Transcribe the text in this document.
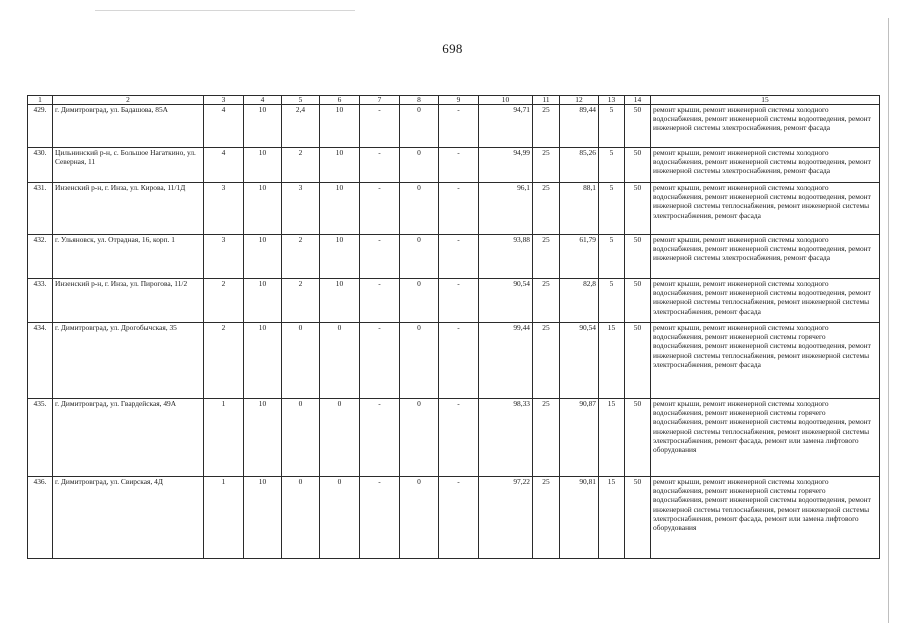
698
1	2	3	4	5	6	7	8	9	10	11	12	13	14	15
429.	г. Димитровград, ул. Бадашова, 85А	4	10	2,4	10	-	0	-	94,71	25	89,44	5	50	ремонт крыши, ремонт инженерной системы холодного водоснабжения, ремонт инженерной системы водоотведения, ремонт инженерной системы электроснабжения, ремонт фасада
430.	Цильнинский р-н, с. Большое Нагаткино, ул. Северная, 11	4	10	2	10	-	0	-	94,99	25	85,26	5	50	ремонт крыши, ремонт инженерной системы холодного водоснабжения, ремонт инженерной системы водоотведения, ремонт инженерной системы электроснабжения, ремонт фасада
431.	Инзенский р-н, г. Инза, ул. Кирова, 11/1Д	3	10	3	10	-	0	-	96,1	25	88,1	5	50	ремонт крыши, ремонт инженерной системы холодного водоснабжения, ремонт инженерной системы водоотведения, ремонт инженерной системы теплоснабжения, ремонт инженерной системы электроснабжения, ремонт фасада
432.	г. Ульяновск, ул. Отрадная, 16, корп. 1	3	10	2	10	-	0	-	93,88	25	61,79	5	50	ремонт крыши, ремонт инженерной системы холодного водоснабжения, ремонт инженерной системы водоотведения, ремонт инженерной системы электроснабжения, ремонт фасада
433.	Инзенский р-н, г. Инза, ул. Пирогова, 11/2	2	10	2	10	-	0	-	90,54	25	82,8	5	50	ремонт крыши, ремонт инженерной системы холодного водоснабжения, ремонт инженерной системы водоотведения, ремонт инженерной системы теплоснабжения, ремонт инженерной системы электроснабжения, ремонт фасада
434.	г. Димитровград, ул. Дрогобычская, 35	2	10	0	0	-	0	-	99,44	25	90,54	15	50	ремонт крыши, ремонт инженерной системы холодного водоснабжения, ремонт инженерной системы горячего водоснабжения, ремонт инженерной системы водоотведения, ремонт инженерной системы теплоснабжения, ремонт инженерной системы электроснабжения, ремонт фасада
435.	г. Димитровград, ул. Гвардейская, 49А	1	10	0	0	-	0	-	98,33	25	90,87	15	50	ремонт крыши, ремонт инженерной системы холодного водоснабжения, ремонт инженерной системы горячего водоснабжения, ремонт инженерной системы водоотведения, ремонт инженерной системы теплоснабжения, ремонт инженерной системы электроснабжения, ремонт фасада, ремонт или замена лифтового оборудования
436.	г. Димитровград, ул. Свирская, 4Д	1	10	0	0	-	0	-	97,22	25	90,81	15	50	ремонт крыши, ремонт инженерной системы холодного водоснабжения, ремонт инженерной системы горячего водоснабжения, ремонт инженерной системы водоотведения, ремонт инженерной системы теплоснабжения, ремонт инженерной системы электроснабжения, ремонт фасада, ремонт или замена лифтового оборудования
